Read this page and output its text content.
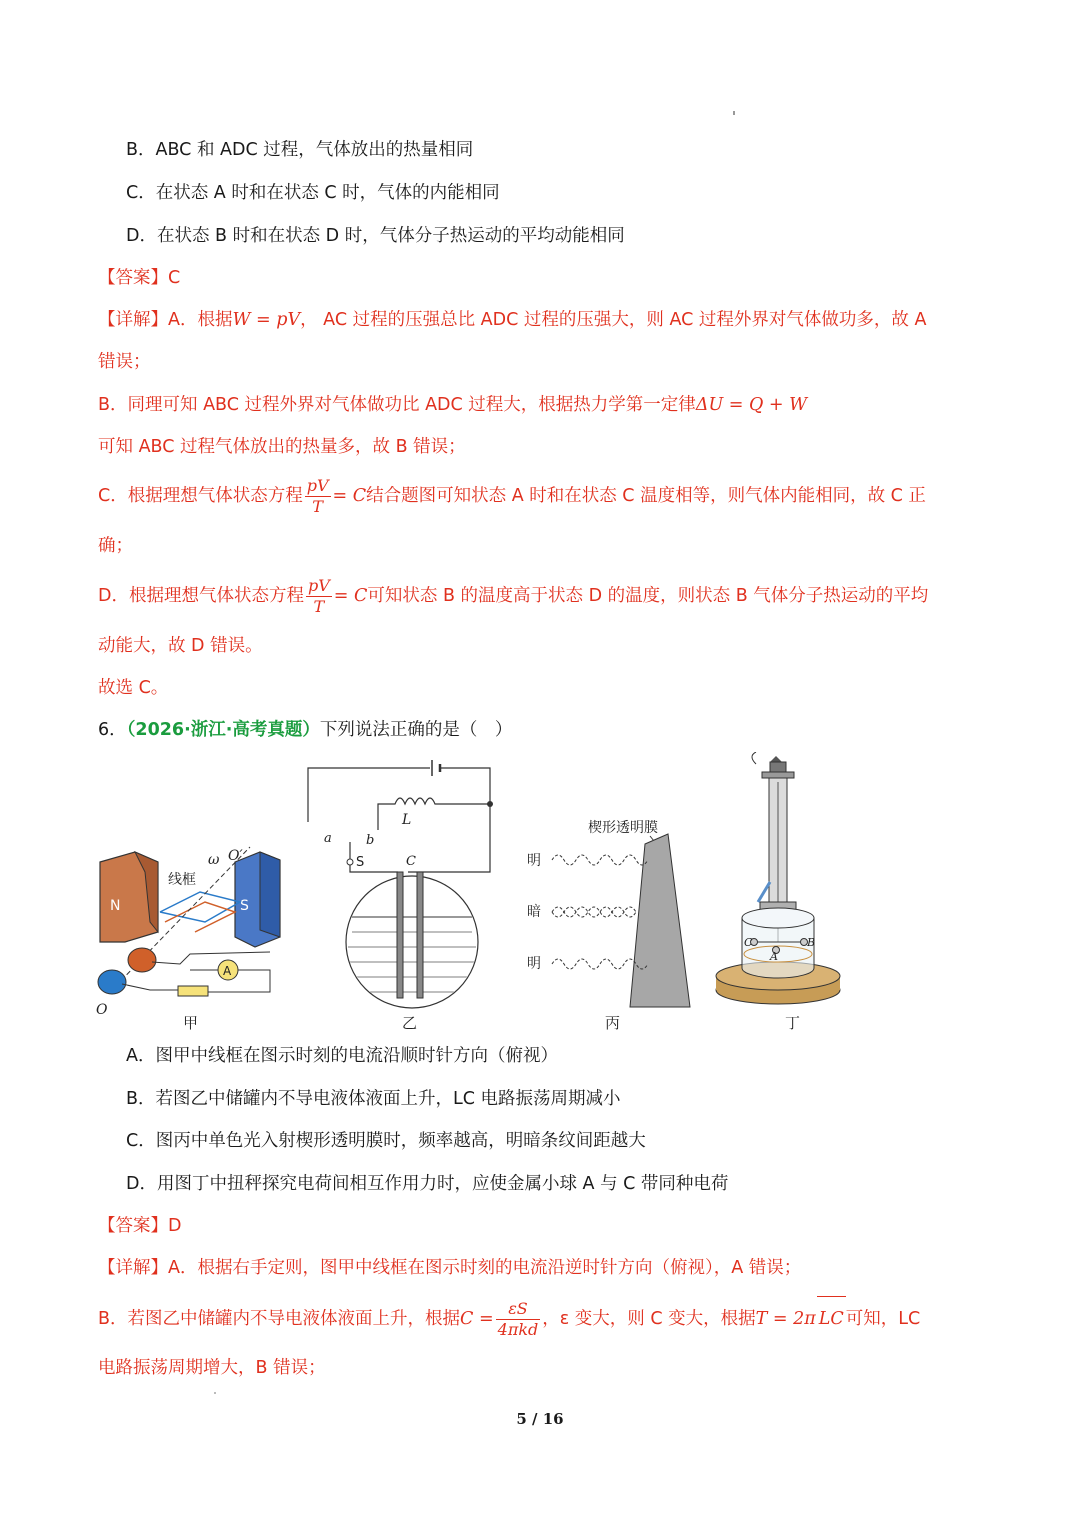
B．ABC 和 ADC 过程，气体放出的热量相同
C．在状态 A 时和在状态 C 时，气体的内能相同
D．在状态 B 时和在状态 D 时，气体分子热运动的平均动能相同
【答案】C
【详解】A．根据W = pV， AC 过程的压强总比 ADC 过程的压强大，则 AC 过程外界对气体做功多，故 A
错误；
B．同理可知 ABC 过程外界对气体做功比 ADC 过程大，根据热力学第一定律ΔU = Q + W
可知 ABC 过程气体放出的热量多，故 B 错误；
C．根据理想气体状态方程 $\frac{pV}{T} = C$结合题图可知状态 A 时和在状态 C 温度相等，则气体内能相同，故 C 正
确；
D．根据理想气体状态方程 $\frac{pV}{T} = C$可知状态 B 的温度高于状态 D 的温度，则状态 B 气体分子热运动的平均
动能大，故 D 错误。
故选 C。
6．（2026·浙江·高考真题）下列说法正确的是（　）
N	S
线框
ω O′
A
O
甲
L
a	b
S	C
乙
楔形透明膜
明
暗
明
丙
C	B
A
丁
A．图甲中线框在图示时刻的电流沿顺时针方向（俯视）
B．若图乙中储罐内不导电液体液面上升，LC 电路振荡周期减小
C．图丙中单色光入射楔形透明膜时，频率越高，明暗条纹间距越大
D．用图丁中扭秤探究电荷间相互作用力时，应使金属小球 A 与 C 带同种电荷
【答案】D
【详解】A．根据右手定则，图甲中线框在图示时刻的电流沿逆时针方向（俯视），A 错误；
B．若图乙中储罐内不导电液体液面上升，根据$C = \frac{\varepsilon S}{\text{4πkd}}$ ，ε 变大，则 C 变大，根据T = 2π LC 可知，LC
电路振荡周期增大，B 错误；
5 / 16
